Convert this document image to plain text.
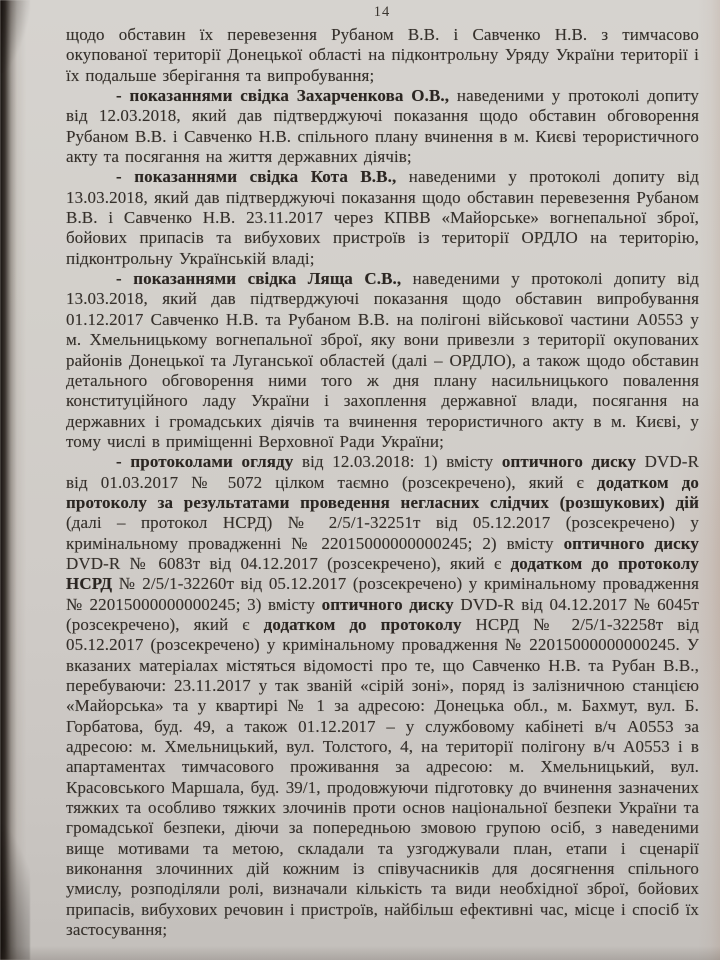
14

щодо обставин їх перевезення Рубаном В.В. і Савченко Н.В. з тимчасово окупованої території Донецької області на підконтрольну Уряду України території і їх подальше зберігання та випробування;

- показаннями свідка Захарченкова О.В., наведеними у протоколі допиту від 12.03.2018, який дав підтверджуючі показання щодо обставин обговорення Рубаном В.В. і Савченко Н.В. спільного плану вчинення в м. Києві терористичного акту та посягання на життя державних діячів;

- показаннями свідка Кота В.В., наведеними у протоколі допиту від 13.03.2018, який дав підтверджуючі показання щодо обставин перевезення Рубаном В.В. і Савченко Н.В. 23.11.2017 через КПВВ «Майорське» вогнепальної зброї, бойових припасів та вибухових пристроїв із території ОРДЛО на територію, підконтрольну Українській владі;

- показаннями свідка Ляща С.В., наведеними у протоколі допиту від 13.03.2018, який дав підтверджуючі показання щодо обставин випробування 01.12.2017 Савченко Н.В. та Рубаном В.В. на полігоні військової частини А0553 у м. Хмельницькому вогнепальної зброї, яку вони привезли з території окупованих районів Донецької та Луганської областей (далі – ОРДЛО), а також щодо обставин детального обговорення ними того ж дня плану насильницького повалення конституційного ладу України і захоплення державної влади, посягання на державних і громадських діячів та вчинення терористичного акту в м. Києві, у тому числі в приміщенні Верховної Ради України;

- протоколами огляду від 12.03.2018: 1) вмісту оптичного диску DVD-R від 01.03.2017 № 5072 цілком таємно (розсекречено), який є додатком до протоколу за результатами проведення негласних слідчих (розшукових) дій (далі – протокол НСРД) № 2/5/1-32251т від 05.12.2017 (розсекречено) у кримінальному провадженні № 22015000000000245; 2) вмісту оптичного диску DVD-R № 6083т від 04.12.2017 (розсекречено), який є додатком до протоколу НСРД № 2/5/1-32260т від 05.12.2017 (розсекречено) у кримінальному провадження № 22015000000000245; 3) вмісту оптичного диску DVD-R від 04.12.2017 № 6045т (розсекречено), який є додатком до протоколу НСРД № 2/5/1-32258т від 05.12.2017 (розсекречено) у кримінальному провадження № 22015000000000245. У вказаних матеріалах містяться відомості про те, що Савченко Н.В. та Рубан В.В., перебуваючи: 23.11.2017 у так званій «сірій зоні», поряд із залізничною станцією «Майорська» та у квартирі № 1 за адресою: Донецька обл., м. Бахмут, вул. Б. Горбатова, буд. 49, а також 01.12.2017 – у службовому кабінеті в/ч А0553 за адресою: м. Хмельницький, вул. Толстого, 4, на території полігону в/ч А0553 і в апартаментах тимчасового проживання за адресою: м. Хмельницький, вул. Красовського Маршала, буд. 39/1, продовжуючи підготовку до вчинення зазначених тяжких та особливо тяжких злочинів проти основ національної безпеки України та громадської безпеки, діючи за попередньою змовою групою осіб, з наведеними вище мотивами та метою, складали та узгоджували план, етапи і сценарії виконання злочинних дій кожним із співучасників для досягнення спільного умислу, розподіляли ролі, визначали кількість та види необхідної зброї, бойових припасів, вибухових речовин і пристроїв, найбільш ефективні час, місце і спосіб їх застосування;
